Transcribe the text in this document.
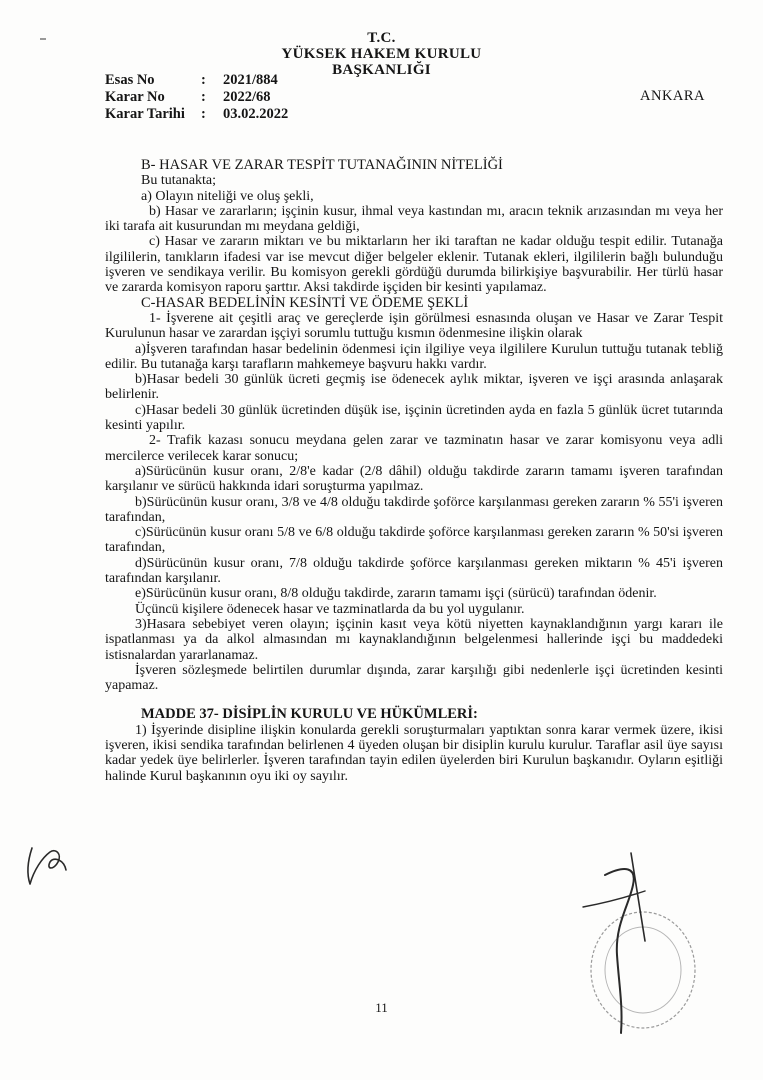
T.C.
YÜKSEK HAKEM KURULU
BAŞKANLIĞI
Esas No	:	2021/884
Karar No	:	2022/68
Karar Tarihi	:	03.02.2022
ANKARA

B- HASAR VE ZARAR TESPİT TUTANAĞININ NİTELİĞİ

Bu tutanakta;

a) Olayın niteliği ve oluş şekli,

b) Hasar ve zararların; işçinin kusur, ihmal veya kastından mı, aracın teknik arızasından mı veya her iki tarafa ait kusurundan mı meydana geldiği,

c) Hasar ve zararın miktarı ve bu miktarların her iki taraftan ne kadar olduğu tespit edilir. Tutanağa ilgililerin, tanıkların ifadesi var ise mevcut diğer belgeler eklenir. Tutanak ekleri, ilgililerin bağlı bulunduğu işveren ve sendikaya verilir. Bu komisyon gerekli gördüğü durumda bilirkişiye başvurabilir. Her türlü hasar ve zararda komisyon raporu şarttır. Aksi takdirde işçiden bir kesinti yapılamaz.

C-HASAR BEDELİNİN KESİNTİ VE ÖDEME ŞEKLİ

1- İşverene ait çeşitli araç ve gereçlerde işin görülmesi esnasında oluşan ve Hasar ve Zarar Tespit Kurulunun hasar ve zarardan işçiyi sorumlu tuttuğu kısmın ödenmesine ilişkin olarak

a)İşveren tarafından hasar bedelinin ödenmesi için ilgiliye veya ilgililere Kurulun tuttuğu tutanak tebliğ edilir. Bu tutanağa karşı tarafların mahkemeye başvuru hakkı vardır.

b)Hasar bedeli 30 günlük ücreti geçmiş ise ödenecek aylık miktar, işveren ve işçi arasında anlaşarak belirlenir.

c)Hasar bedeli 30 günlük ücretinden düşük ise, işçinin ücretinden ayda en fazla 5 günlük ücret tutarında kesinti yapılır.

2- Trafik kazası sonucu meydana gelen zarar ve tazminatın hasar ve zarar komisyonu veya adli mercilerce verilecek karar sonucu;

a)Sürücünün kusur oranı, 2/8'e kadar (2/8 dâhil) olduğu takdirde zararın tamamı işveren tarafından karşılanır ve sürücü hakkında idari soruşturma yapılmaz.

b)Sürücünün kusur oranı, 3/8 ve 4/8 olduğu takdirde şoförce karşılanması gereken zararın % 55'i işveren tarafından,

c)Sürücünün kusur oranı 5/8 ve 6/8 olduğu takdirde şoförce karşılanması gereken zararın % 50'si işveren tarafından,

d)Sürücünün kusur oranı, 7/8 olduğu takdirde şoförce karşılanması gereken miktarın % 45'i işveren tarafından karşılanır.

e)Sürücünün kusur oranı, 8/8 olduğu takdirde, zararın tamamı işçi (sürücü) tarafından ödenir.

Üçüncü kişilere ödenecek hasar ve tazminatlarda da bu yol uygulanır.

3)Hasara sebebiyet veren olayın; işçinin kasıt veya kötü niyetten kaynaklandığının yargı kararı ile ispatlanması ya da alkol almasından mı kaynaklandığının belgelenmesi hallerinde işçi bu maddedeki istisnalardan yararlanamaz.

İşveren sözleşmede belirtilen durumlar dışında, zarar karşılığı gibi nedenlerle işçi ücretinden kesinti yapamaz.

MADDE 37- DİSİPLİN KURULU VE HÜKÜMLERİ:

1) İşyerinde disipline ilişkin konularda gerekli soruşturmaları yaptıktan sonra karar vermek üzere, ikisi işveren, ikisi sendika tarafından belirlenen 4 üyeden oluşan bir disiplin kurulu kurulur. Taraflar asil üye sayısı kadar yedek üye belirlerler. İşveren tarafından tayin edilen üyelerden biri Kurulun başkanıdır. Oyların eşitliği halinde Kurul başkanının oyu iki oy sayılır.

11
